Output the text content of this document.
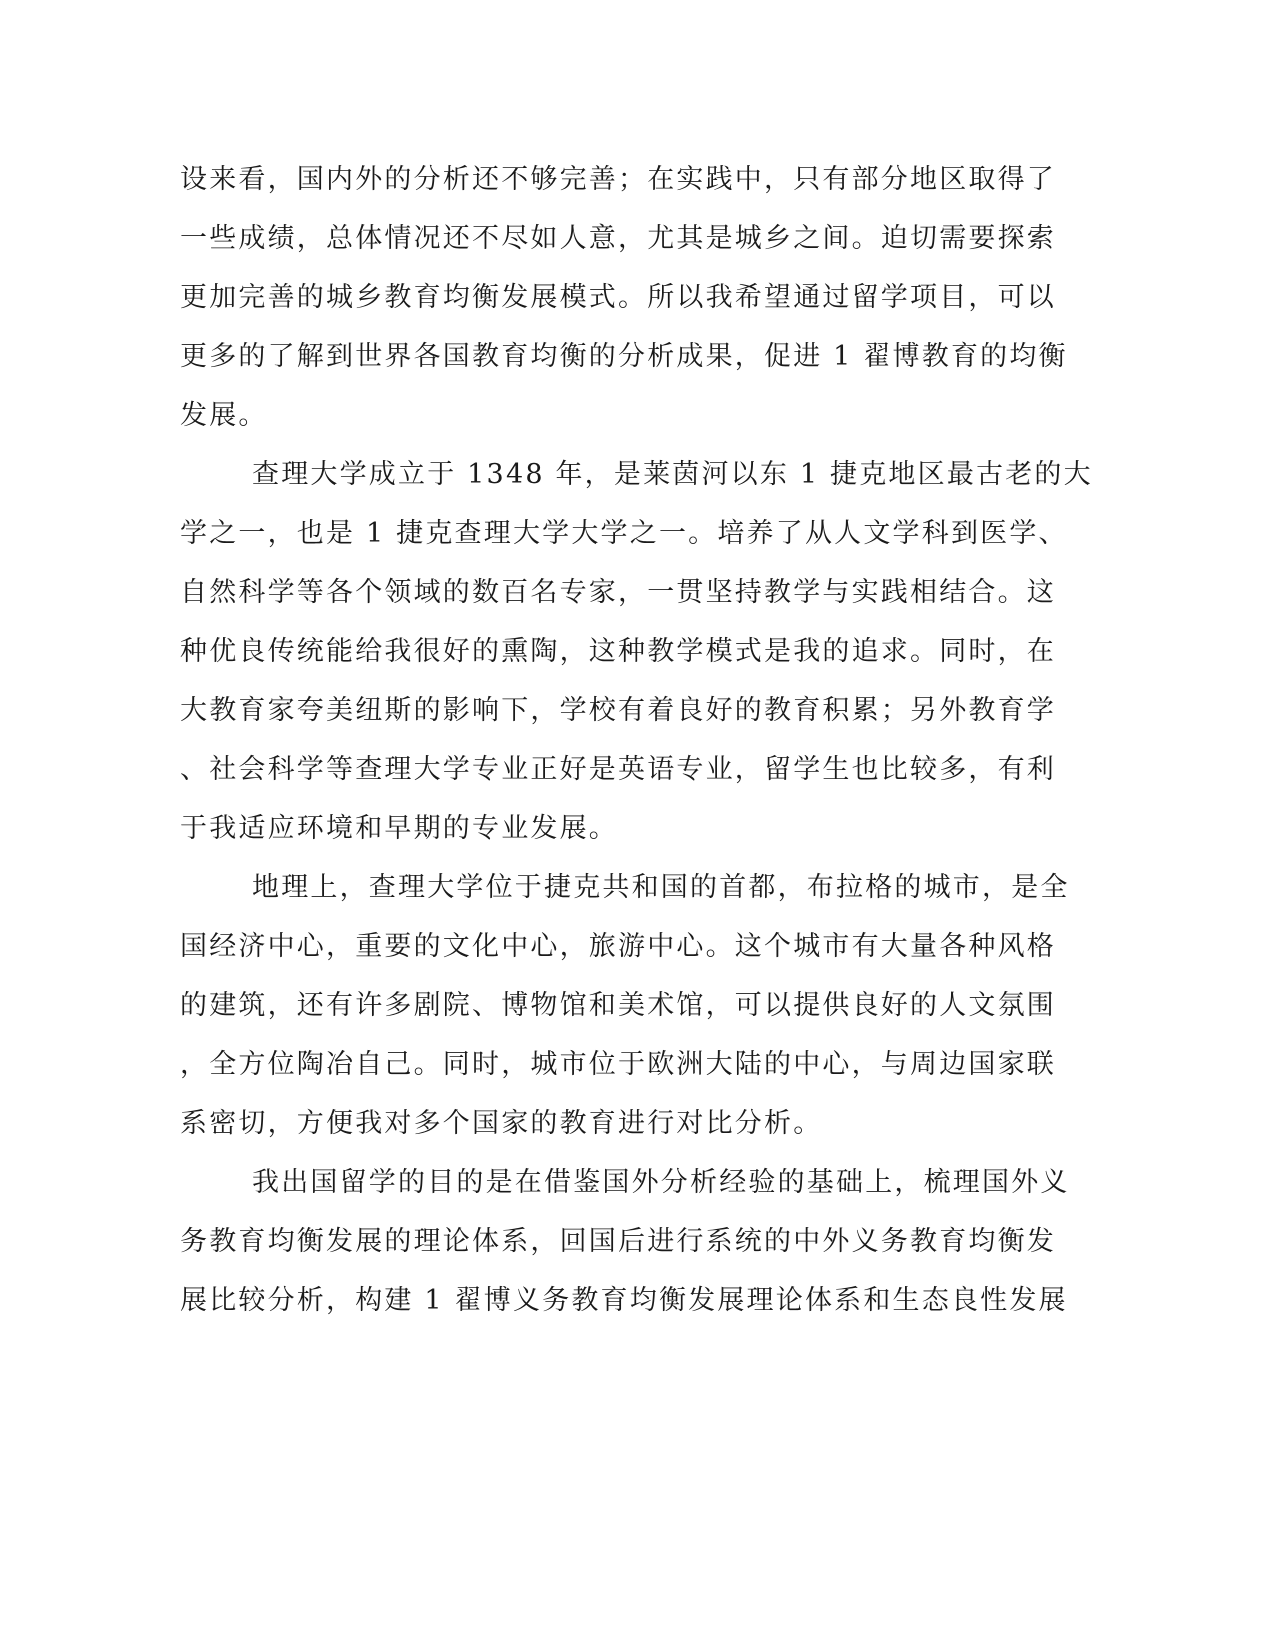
设来看，国内外的分析还不够完善；在实践中，只有部分地区取得了
一些成绩，总体情况还不尽如人意，尤其是城乡之间。迫切需要探索
更加完善的城乡教育均衡发展模式。所以我希望通过留学项目，可以
更多的了解到世界各国教育均衡的分析成果，促进 1 翟博教育的均衡
发展。
查理大学成立于 1348 年，是莱茵河以东 1 捷克地区最古老的大
学之一，也是 1 捷克查理大学大学之一。培养了从人文学科到医学、
自然科学等各个领域的数百名专家，一贯坚持教学与实践相结合。这
种优良传统能给我很好的熏陶，这种教学模式是我的追求。同时，在
大教育家夸美纽斯的影响下，学校有着良好的教育积累；另外教育学
、社会科学等查理大学专业正好是英语专业，留学生也比较多，有利
于我适应环境和早期的专业发展。
地理上，查理大学位于捷克共和国的首都，布拉格的城市，是全
国经济中心，重要的文化中心，旅游中心。这个城市有大量各种风格
的建筑，还有许多剧院、博物馆和美术馆，可以提供良好的人文氛围
，全方位陶冶自己。同时，城市位于欧洲大陆的中心，与周边国家联
系密切，方便我对多个国家的教育进行对比分析。
我出国留学的目的是在借鉴国外分析经验的基础上，梳理国外义
务教育均衡发展的理论体系，回国后进行系统的中外义务教育均衡发
展比较分析，构建 1 翟博义务教育均衡发展理论体系和生态良性发展
